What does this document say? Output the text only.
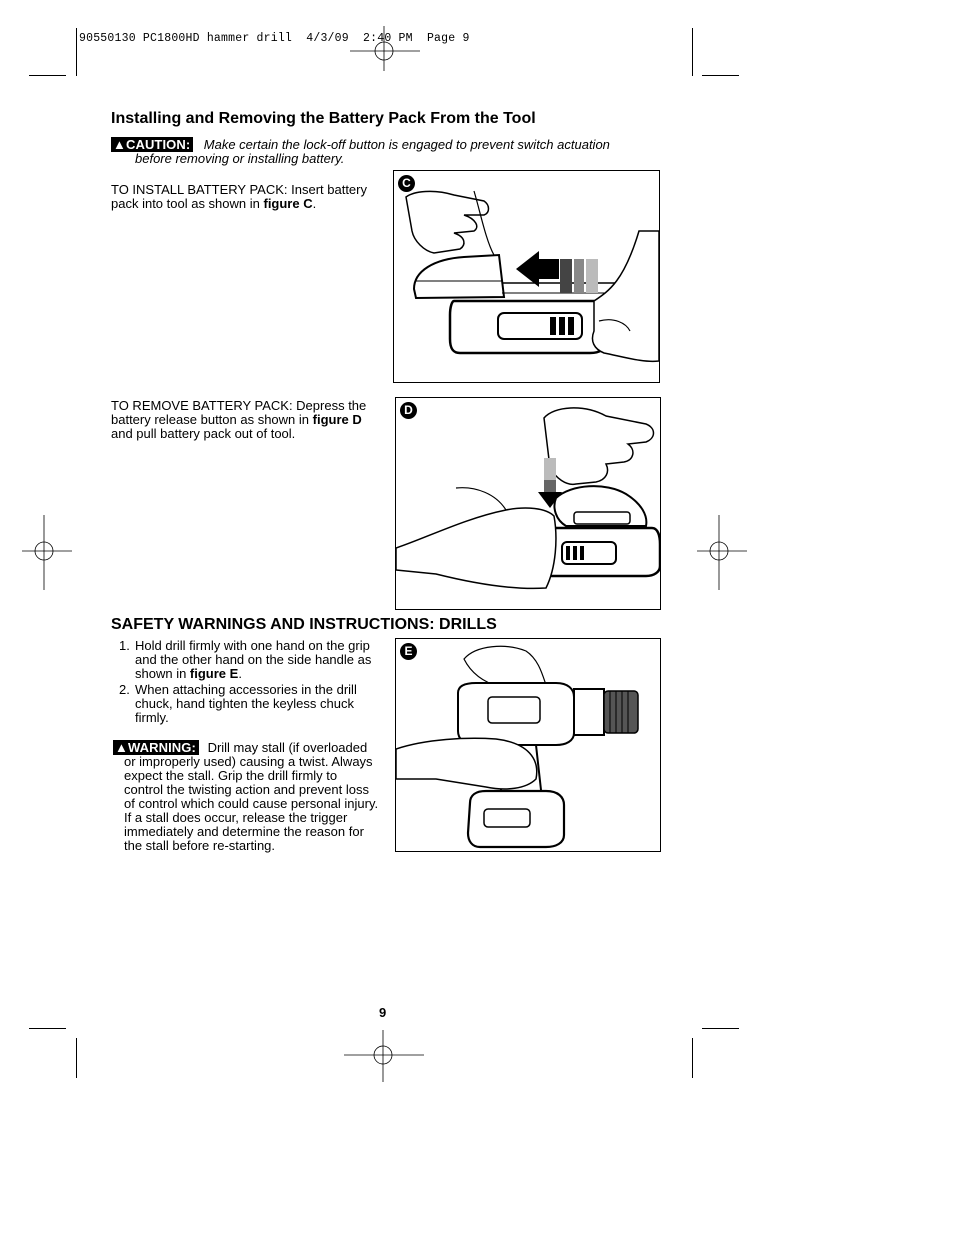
90550130 PC1800HD hammer drill  4/3/09  2:40 PM  Page 9
Installing and Removing the Battery Pack From the Tool
▲CAUTION: Make certain the lock-off button is engaged to prevent switch actuation
before removing or installing battery.
TO INSTALL BATTERY PACK: Insert battery
pack into tool as shown in figure C.
C
TO REMOVE BATTERY PACK: Depress the
battery release button as shown in figure D
and pull battery pack out of tool.
D
SAFETY WARNINGS AND INSTRUCTIONS: DRILLS
1. Hold drill firmly with one hand on the grip
and the other hand on the side handle as
shown in figure E.
2. When attaching accessories in the drill
chuck, hand tighten the keyless chuck
firmly.
▲WARNING: Drill may stall (if overloaded
or improperly used) causing a twist. Always
expect the stall. Grip the drill firmly to
control the twisting action and prevent loss
of control which could cause personal injury.
If a stall does occur, release the trigger
immediately and determine the reason for
the stall before re-starting.
E
9
